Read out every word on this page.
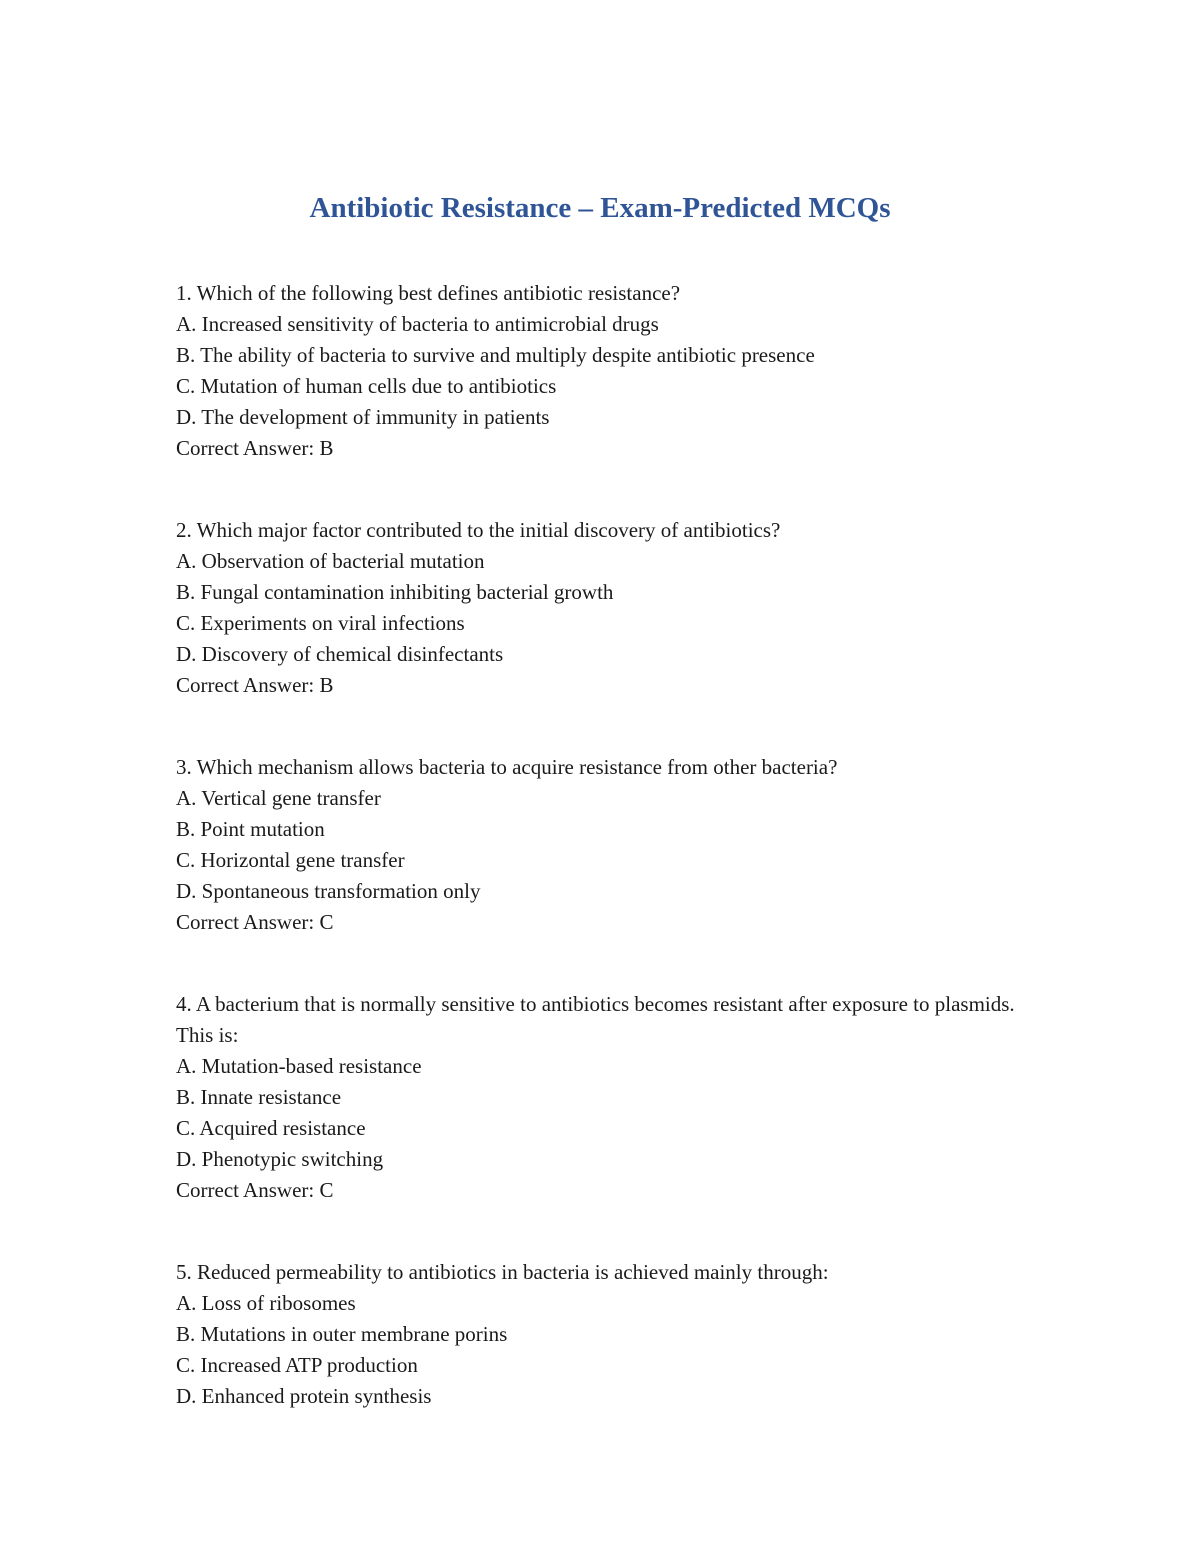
Antibiotic Resistance – Exam-Predicted MCQs
1. Which of the following best defines antibiotic resistance?
A. Increased sensitivity of bacteria to antimicrobial drugs
B. The ability of bacteria to survive and multiply despite antibiotic presence
C. Mutation of human cells due to antibiotics
D. The development of immunity in patients
Correct Answer: B
2. Which major factor contributed to the initial discovery of antibiotics?
A. Observation of bacterial mutation
B. Fungal contamination inhibiting bacterial growth
C. Experiments on viral infections
D. Discovery of chemical disinfectants
Correct Answer: B
3. Which mechanism allows bacteria to acquire resistance from other bacteria?
A. Vertical gene transfer
B. Point mutation
C. Horizontal gene transfer
D. Spontaneous transformation only
Correct Answer: C
4. A bacterium that is normally sensitive to antibiotics becomes resistant after exposure to plasmids. This is:
A. Mutation-based resistance
B. Innate resistance
C. Acquired resistance
D. Phenotypic switching
Correct Answer: C
5. Reduced permeability to antibiotics in bacteria is achieved mainly through:
A. Loss of ribosomes
B. Mutations in outer membrane porins
C. Increased ATP production
D. Enhanced protein synthesis
